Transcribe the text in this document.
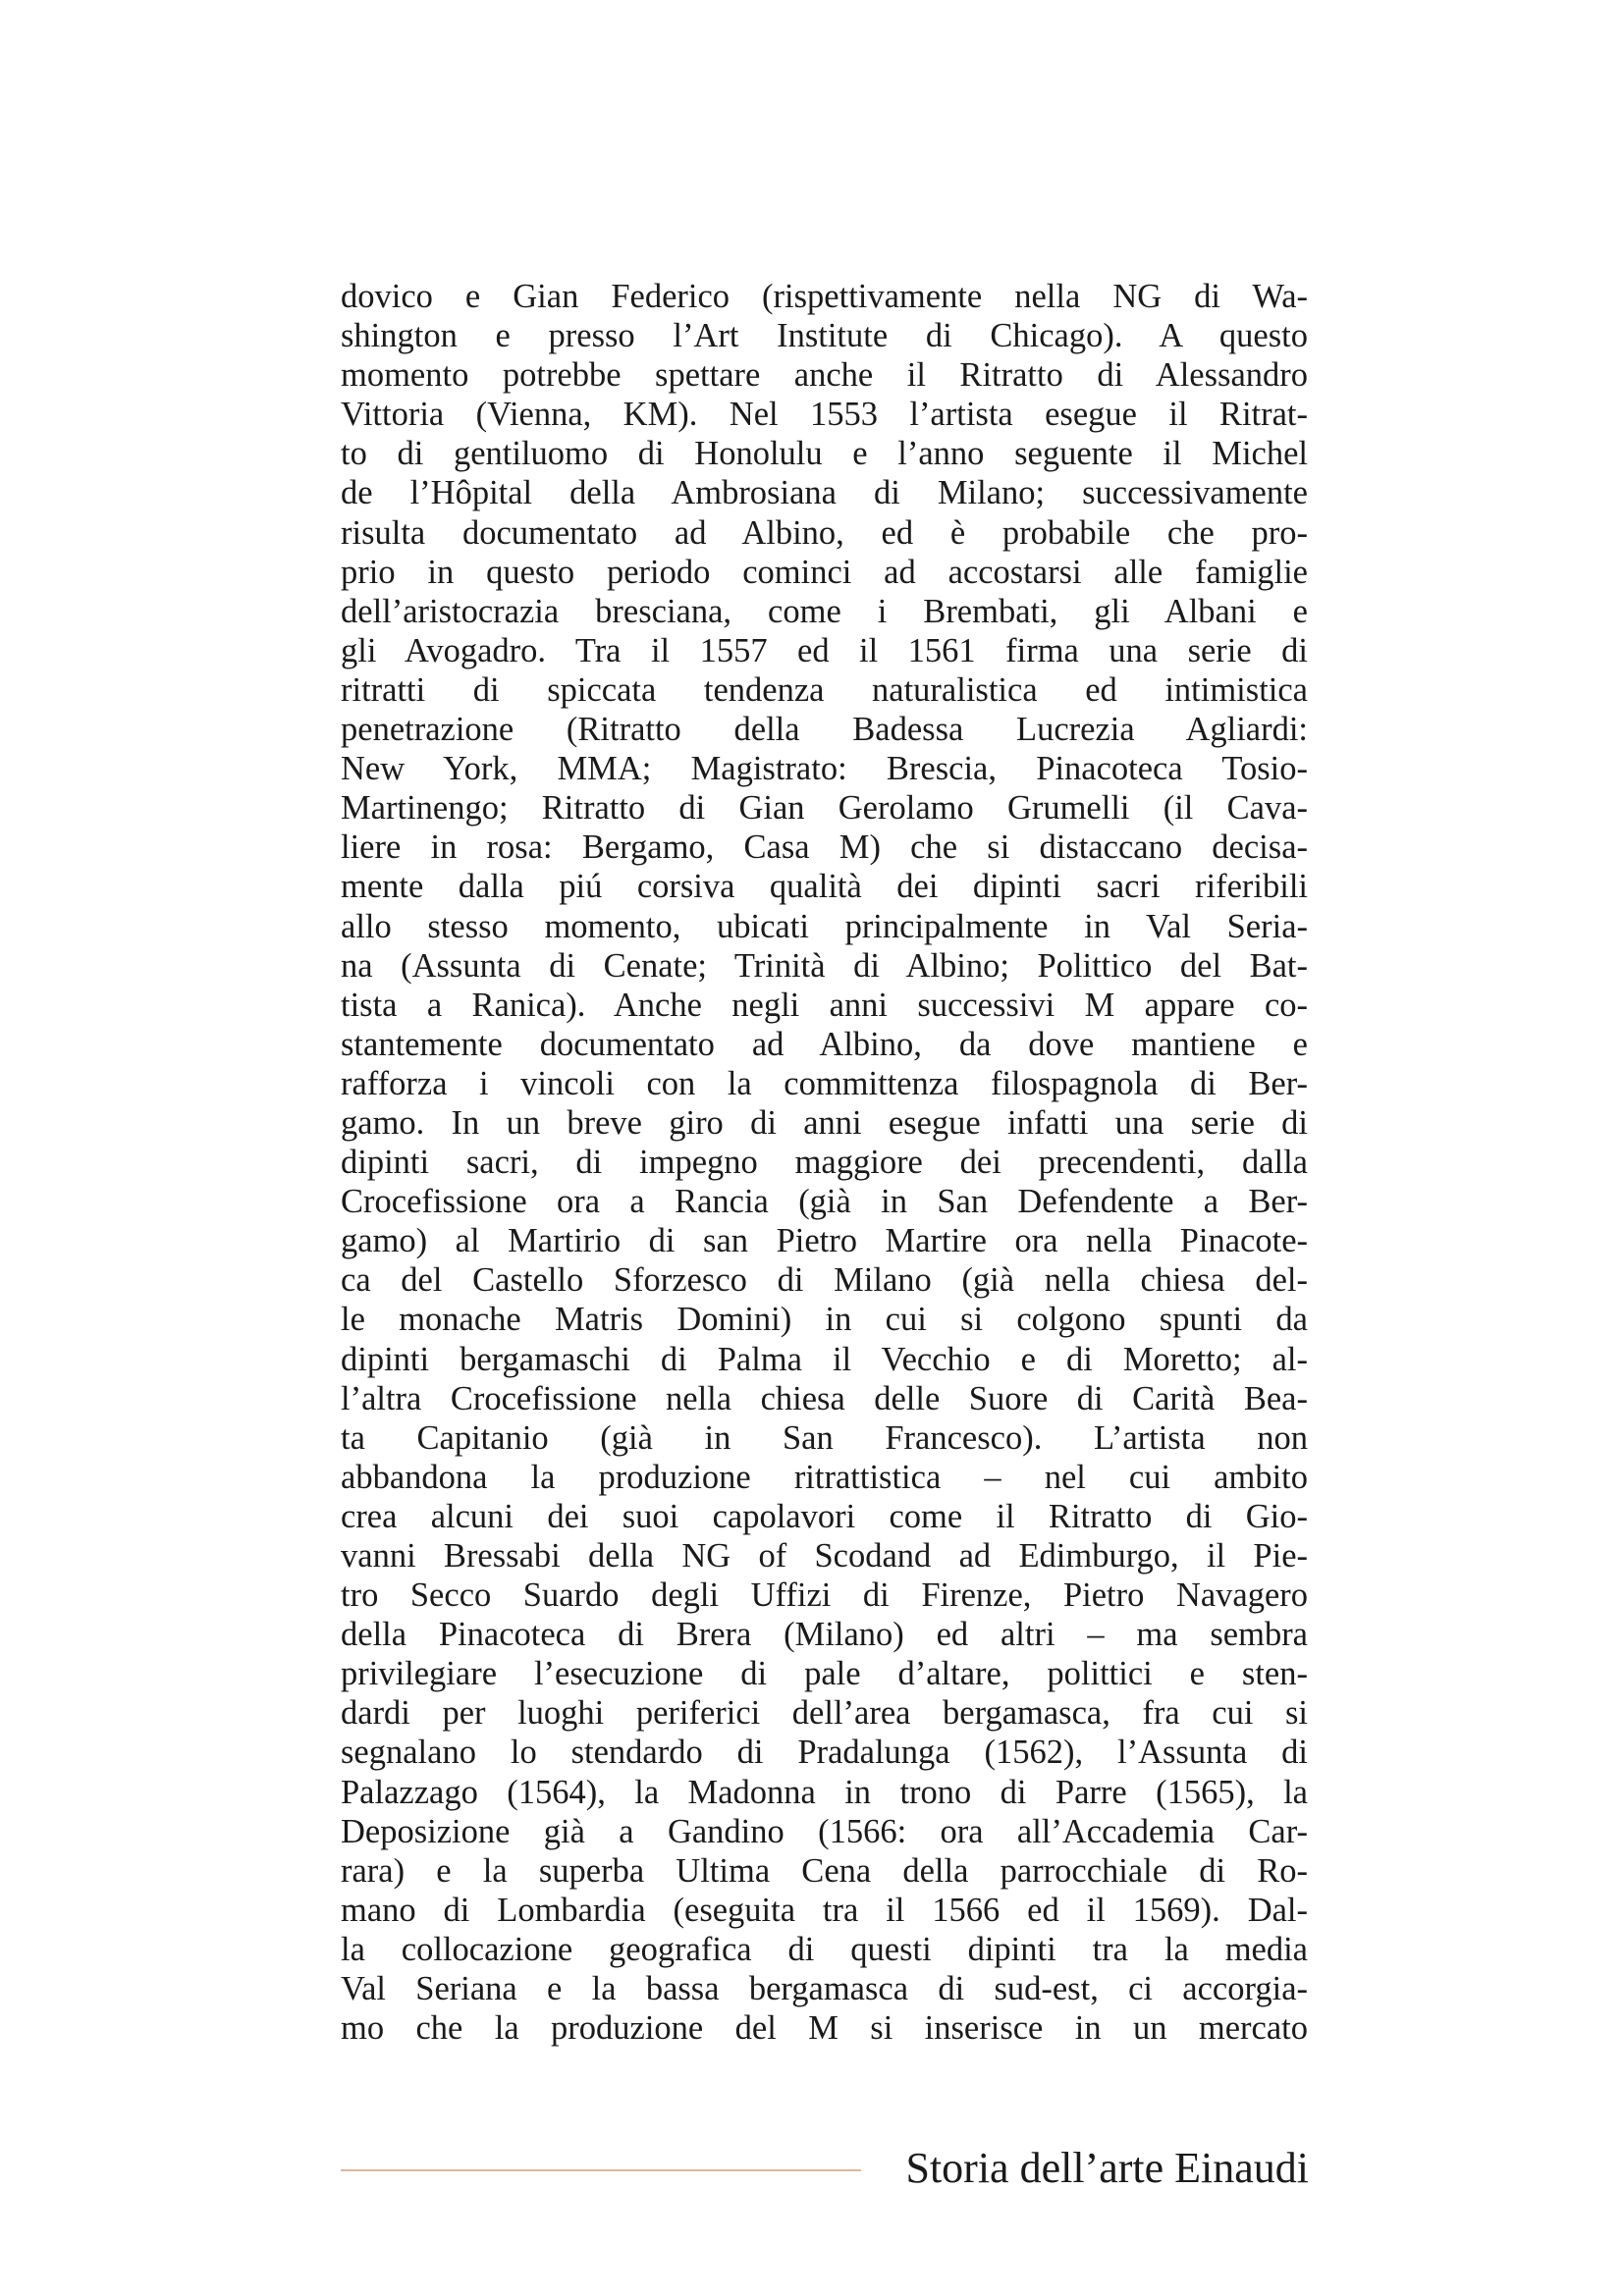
dovico e Gian Federico (rispettivamente nella NG di Wa-
shington e presso l’Art Institute di Chicago). A questo
momento potrebbe spettare anche il Ritratto di Alessandro
Vittoria (Vienna, KM). Nel 1553 l’artista esegue il Ritrat-
to di gentiluomo di Honolulu e l’anno seguente il Michel
de l’Hôpital della Ambrosiana di Milano; successivamente
risulta documentato ad Albino, ed è probabile che pro-
prio in questo periodo cominci ad accostarsi alle famiglie
dell’aristocrazia bresciana, come i Brembati, gli Albani e
gli Avogadro. Tra il 1557 ed il 1561 firma una serie di
ritratti di spiccata tendenza naturalistica ed intimistica
penetrazione (Ritratto della Badessa Lucrezia Agliardi:
New York, MMA; Magistrato: Brescia, Pinacoteca Tosio-
Martinengo; Ritratto di Gian Gerolamo Grumelli (il Cava-
liere in rosa: Bergamo, Casa M) che si distaccano decisa-
mente dalla piú corsiva qualità dei dipinti sacri riferibili
allo stesso momento, ubicati principalmente in Val Seria-
na (Assunta di Cenate; Trinità di Albino; Polittico del Bat-
tista a Ranica). Anche negli anni successivi M appare co-
stantemente documentato ad Albino, da dove mantiene e
rafforza i vincoli con la committenza filospagnola di Ber-
gamo. In un breve giro di anni esegue infatti una serie di
dipinti sacri, di impegno maggiore dei precendenti, dalla
Crocefissione ora a Rancia (già in San Defendente a Ber-
gamo) al Martirio di san Pietro Martire ora nella Pinacote-
ca del Castello Sforzesco di Milano (già nella chiesa del-
le monache Matris Domini) in cui si colgono spunti da
dipinti bergamaschi di Palma il Vecchio e di Moretto; al-
l’altra Crocefissione nella chiesa delle Suore di Carità Bea-
ta Capitanio (già in San Francesco). L’artista non
abbandona la produzione ritrattistica – nel cui ambito
crea alcuni dei suoi capolavori come il Ritratto di Gio-
vanni Bressabi della NG of Scodand ad Edimburgo, il Pie-
tro Secco Suardo degli Uffizi di Firenze, Pietro Navagero
della Pinacoteca di Brera (Milano) ed altri – ma sembra
privilegiare l’esecuzione di pale d’altare, polittici e sten-
dardi per luoghi periferici dell’area bergamasca, fra cui si
segnalano lo stendardo di Pradalunga (1562), l’Assunta di
Palazzago (1564), la Madonna in trono di Parre (1565), la
Deposizione già a Gandino (1566: ora all’Accademia Car-
rara) e la superba Ultima Cena della parrocchiale di Ro-
mano di Lombardia (eseguita tra il 1566 ed il 1569). Dal-
la collocazione geografica di questi dipinti tra la media
Val Seriana e la bassa bergamasca di sud-est, ci accorgia-
mo che la produzione del M si inserisce in un mercato
Storia dell’arte Einaudi
